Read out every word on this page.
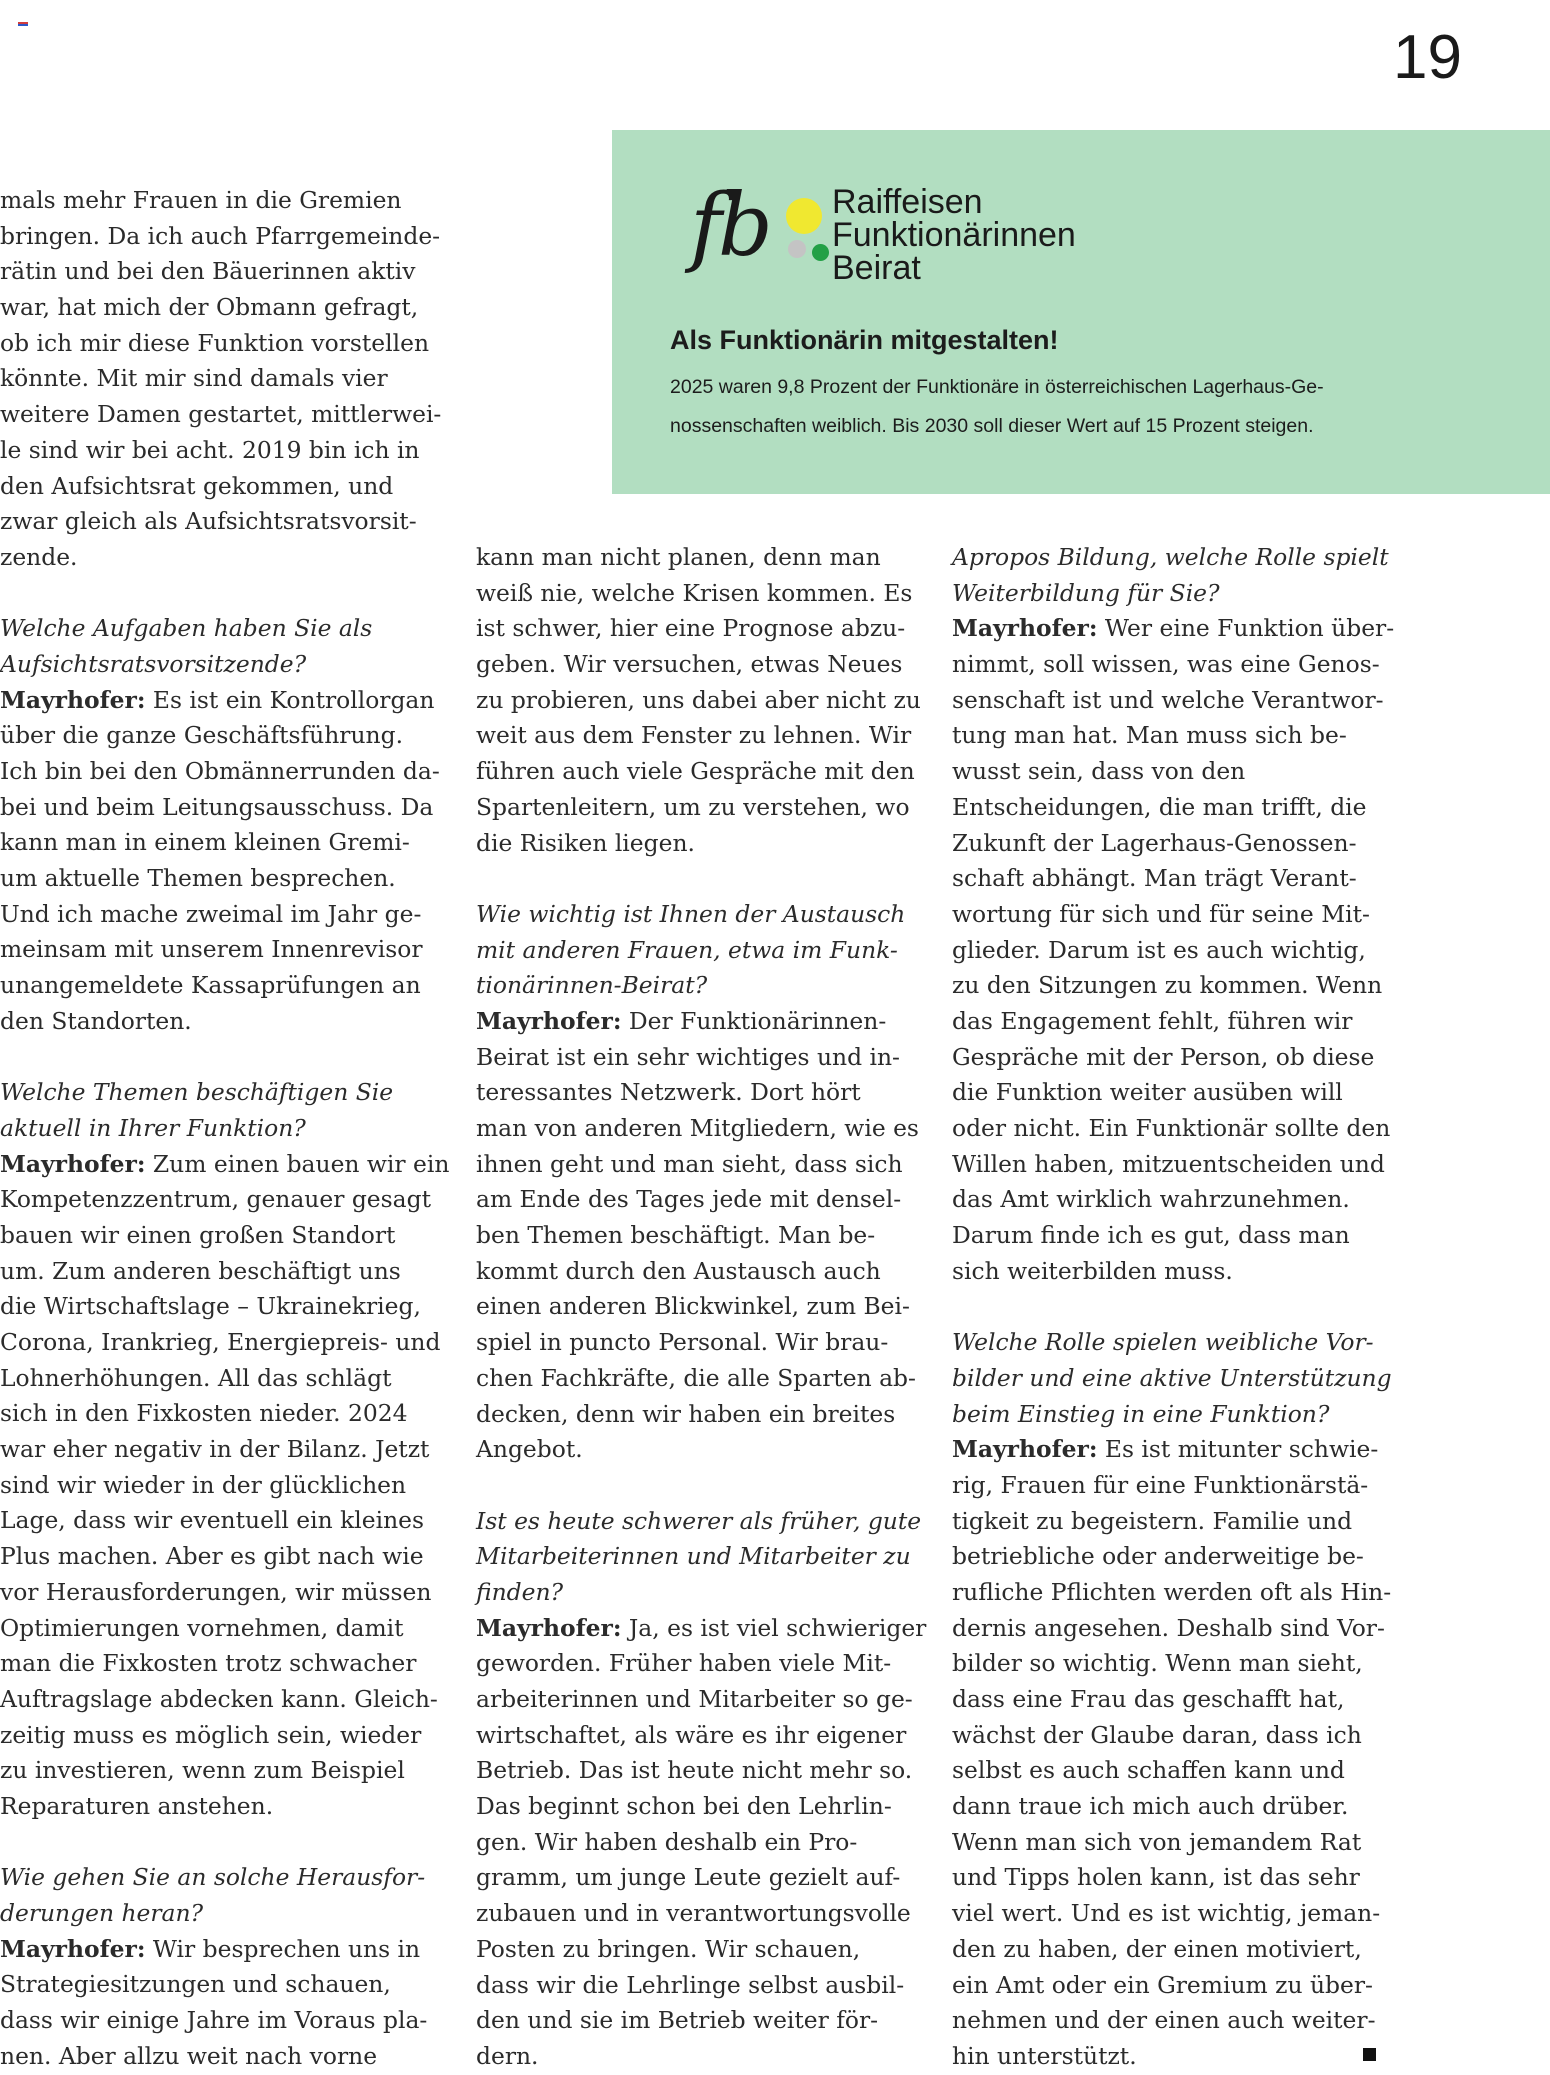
19
fb Raiffeisen
Funktionärinnen
Beirat
Als Funktionärin mitgestalten!
2025 waren 9,8 Prozent der Funktionäre in österreichischen Lagerhaus-Ge-
nossenschaften weiblich. Bis 2030 soll dieser Wert auf 15 Prozent steigen.
mals mehr Frauen in die Gremien
bringen. Da ich auch Pfarrgemeinde-
rätin und bei den Bäuerinnen aktiv
war, hat mich der Obmann gefragt,
ob ich mir diese Funktion vorstellen
könnte. Mit mir sind damals vier
weitere Damen gestartet, mittlerwei-
le sind wir bei acht. 2019 bin ich in
den Aufsichtsrat gekommen, und
zwar gleich als Aufsichtsratsvorsit-
zende.
Welche Aufgaben haben Sie als
Aufsichtsratsvorsitzende?
Mayrhofer: Es ist ein Kontrollorgan
über die ganze Geschäftsführung.
Ich bin bei den Obmännerrunden da-
bei und beim Leitungsausschuss. Da
kann man in einem kleinen Gremi-
um aktuelle Themen besprechen.
Und ich mache zweimal im Jahr ge-
meinsam mit unserem Innenrevisor
unangemeldete Kassaprüfungen an
den Standorten.
Welche Themen beschäftigen Sie
aktuell in Ihrer Funktion?
Mayrhofer: Zum einen bauen wir ein
Kompetenzzentrum, genauer gesagt
bauen wir einen großen Standort
um. Zum anderen beschäftigt uns
die Wirtschaftslage – Ukrainekrieg,
Corona, Irankrieg, Energiepreis- und
Lohnerhöhungen. All das schlägt
sich in den Fixkosten nieder. 2024
war eher negativ in der Bilanz. Jetzt
sind wir wieder in der glücklichen
Lage, dass wir eventuell ein kleines
Plus machen. Aber es gibt nach wie
vor Herausforderungen, wir müssen
Optimierungen vornehmen, damit
man die Fixkosten trotz schwacher
Auftragslage abdecken kann. Gleich-
zeitig muss es möglich sein, wieder
zu investieren, wenn zum Beispiel
Reparaturen anstehen.
Wie gehen Sie an solche Herausfor-
derungen heran?
Mayrhofer: Wir besprechen uns in
Strategiesitzungen und schauen,
dass wir einige Jahre im Voraus pla-
nen. Aber allzu weit nach vorne
kann man nicht planen, denn man
weiß nie, welche Krisen kommen. Es
ist schwer, hier eine Prognose abzu-
geben. Wir versuchen, etwas Neues
zu probieren, uns dabei aber nicht zu
weit aus dem Fenster zu lehnen. Wir
führen auch viele Gespräche mit den
Spartenleitern, um zu verstehen, wo
die Risiken liegen.
Wie wichtig ist Ihnen der Austausch
mit anderen Frauen, etwa im Funk-
tionärinnen-Beirat?
Mayrhofer: Der Funktionärinnen-
Beirat ist ein sehr wichtiges und in-
teressantes Netzwerk. Dort hört
man von anderen Mitgliedern, wie es
ihnen geht und man sieht, dass sich
am Ende des Tages jede mit densel-
ben Themen beschäftigt. Man be-
kommt durch den Austausch auch
einen anderen Blickwinkel, zum Bei-
spiel in puncto Personal. Wir brau-
chen Fachkräfte, die alle Sparten ab-
decken, denn wir haben ein breites
Angebot.
Ist es heute schwerer als früher, gute
Mitarbeiterinnen und Mitarbeiter zu
finden?
Mayrhofer: Ja, es ist viel schwieriger
geworden. Früher haben viele Mit-
arbeiterinnen und Mitarbeiter so ge-
wirtschaftet, als wäre es ihr eigener
Betrieb. Das ist heute nicht mehr so.
Das beginnt schon bei den Lehrlin-
gen. Wir haben deshalb ein Pro-
gramm, um junge Leute gezielt auf-
zubauen und in verantwortungsvolle
Posten zu bringen. Wir schauen,
dass wir die Lehrlinge selbst ausbil-
den und sie im Betrieb weiter för-
dern.
Apropos Bildung, welche Rolle spielt
Weiterbildung für Sie?
Mayrhofer: Wer eine Funktion über-
nimmt, soll wissen, was eine Genos-
senschaft ist und welche Verantwor-
tung man hat. Man muss sich be-
wusst sein, dass von den
Entscheidungen, die man trifft, die
Zukunft der Lagerhaus-Genossen-
schaft abhängt. Man trägt Verant-
wortung für sich und für seine Mit-
glieder. Darum ist es auch wichtig,
zu den Sitzungen zu kommen. Wenn
das Engagement fehlt, führen wir
Gespräche mit der Person, ob diese
die Funktion weiter ausüben will
oder nicht. Ein Funktionär sollte den
Willen haben, mitzuentscheiden und
das Amt wirklich wahrzunehmen.
Darum finde ich es gut, dass man
sich weiterbilden muss.
Welche Rolle spielen weibliche Vor-
bilder und eine aktive Unterstützung
beim Einstieg in eine Funktion?
Mayrhofer: Es ist mitunter schwie-
rig, Frauen für eine Funktionärstä-
tigkeit zu begeistern. Familie und
betriebliche oder anderweitige be-
rufliche Pflichten werden oft als Hin-
dernis angesehen. Deshalb sind Vor-
bilder so wichtig. Wenn man sieht,
dass eine Frau das geschafft hat,
wächst der Glaube daran, dass ich
selbst es auch schaffen kann und
dann traue ich mich auch drüber.
Wenn man sich von jemandem Rat
und Tipps holen kann, ist das sehr
viel wert. Und es ist wichtig, jeman-
den zu haben, der einen motiviert,
ein Amt oder ein Gremium zu über-
nehmen und der einen auch weiter-
hin unterstützt.
